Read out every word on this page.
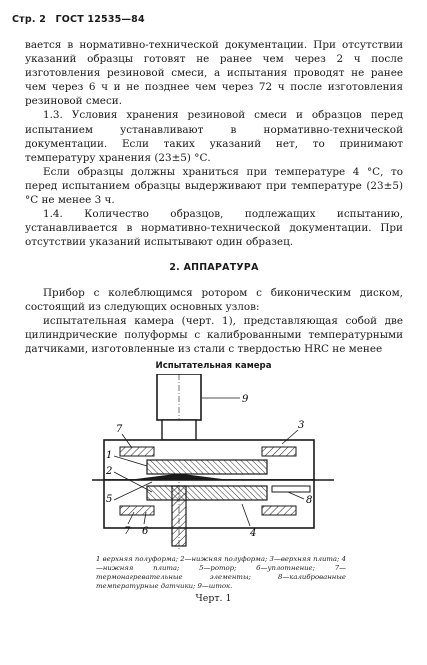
Стр. 2 ГОСТ 12535—84

вается в нормативно-технической документации. При отсутствии указаний образцы готовят не ранее чем через 2 ч после изготовления резиновой смеси, а испытания проводят не ранее чем через 6 ч и не позднее чем через 72 ч после изготовления резиновой смеси.

1.3. Условия хранения резиновой смеси и образцов перед испытанием устанавливают в нормативно-технической документации. Если таких указаний нет, то принимают температуру хранения (23±5) °С.

Если образцы должны храниться при температуре 4 °С, то перед испытанием образцы выдерживают при температуре (23±5) °С не менее 3 ч.

1.4. Количество образцов, подлежащих испытанию, устанавливается в нормативно-технической документации. При отсутствии указаний испытывают один образец.

2. АППАРАТУРА

Прибор с колеблющимся ротором с биконическим диском, состоящий из следующих основных узлов:

испытательная камера (черт. 1), представляющая собой две цилиндрические полуформы с калиброванными температурными датчиками, изготовленные из стали с твердостью HRC не менее

Испытательная камера
9
3
7
1
2
5	8
7 6	4
1 верхняя полуформа; 2—нижняя полуформа; 3—верхняя плита; 4—нижняя плита; 5—ротор; 6—уплотнение; 7—термонагревательные элементы; 8—калиброванные температурные датчики; 9—шток.
Черт. 1
